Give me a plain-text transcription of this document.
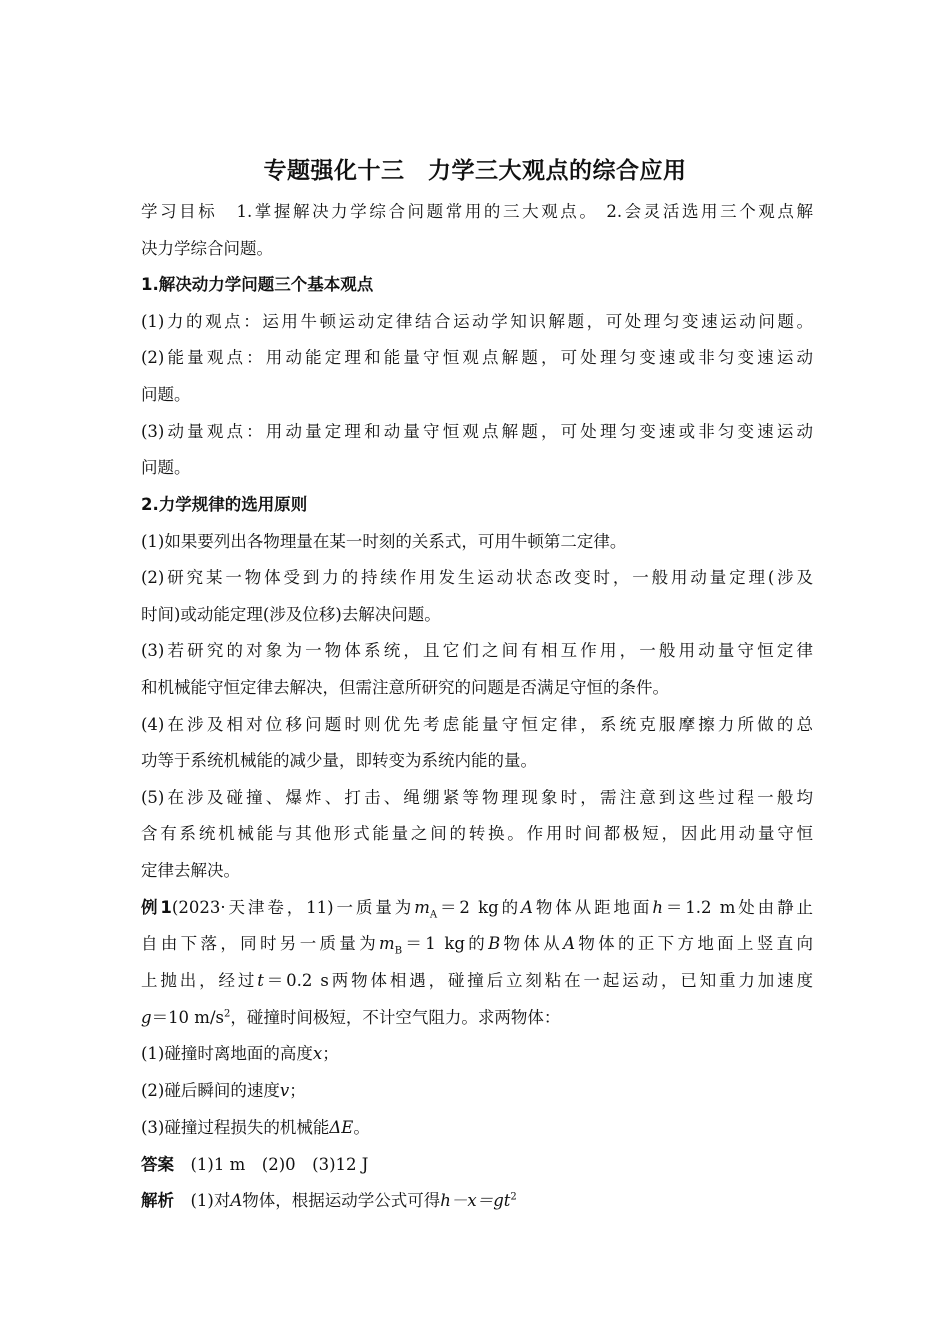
专题强化十三　力学三大观点的综合应用
学习目标　 1.掌握解决力学综合问题常用的三大观点。 2.会灵活选用三个观点解
决力学综合问题。
1.解决动力学问题三个基本观点
(1)力的观点：运用牛顿运动定律结合运动学知识解题，可处理匀变速运动问题。
(2)能量观点：用动能定理和能量守恒观点解题，可处理匀变速或非匀变速运动
问题。
(3)动量观点：用动量定理和动量守恒观点解题，可处理匀变速或非匀变速运动
问题。
2.力学规律的选用原则
(1)如果要列出各物理量在某一时刻的关系式，可用牛顿第二定律。
(2)研究某一物体受到力的持续作用发生运动状态改变时，一般用动量定理(涉及
时间)或动能定理(涉及位移)去解决问题。
(3)若研究的对象为一物体系统，且它们之间有相互作用，一般用动量守恒定律
和机械能守恒定律去解决，但需注意所研究的问题是否满足守恒的条件。
(4)在涉及相对位移问题时则优先考虑能量守恒定律，系统克服摩擦力所做的总
功等于系统机械能的减少量，即转变为系统内能的量。
(5)在涉及碰撞、爆炸、打击、绳绷紧等物理现象时，需注意到这些过程一般均
含有系统机械能与其他形式能量之间的转换。作用时间都极短，因此用动量守恒
定律去解决。
例1(2023·天津卷，11)一质量为$m_A=2$ kg的A物体从距地面h＝1.2 m处由静止
自由下落，同时另一质量为$m_B=1$ kg的B物体从A物体的正下方地面上竖直向
上抛出，经过t＝0.2 s两物体相遇，碰撞后立刻粘在一起运动，已知重力加速度
g＝10 $m/s^2$，碰撞时间极短，不计空气阻力。求两物体：
(1)碰撞时离地面的高度x；
(2)碰后瞬间的速度v；
(3)碰撞过程损失的机械能ΔE。
答案　 (1)1 m　(2)0　(3)12 J
解析　 (1)对A物体，根据运动学公式可得$h-x=gt^2$
